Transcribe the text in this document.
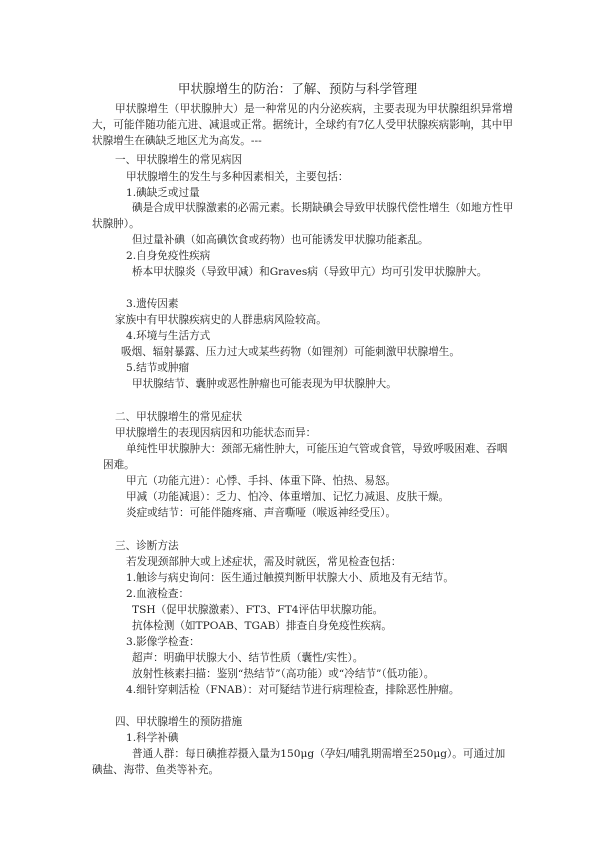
甲状腺增生的防治：了解、预防与科学管理

甲状腺增生（甲状腺肿大）是一种常见的内分泌疾病，主要表现为甲状腺组织异常增大，可能伴随功能亢进、减退或正常。据统计，全球约有7亿人受甲状腺疾病影响，其中甲状腺增生在碘缺乏地区尤为高发。---

一、甲状腺增生的常见病因
甲状腺增生的发生与多种因素相关，主要包括：
1.碘缺乏或过量
碘是合成甲状腺激素的必需元素。长期缺碘会导致甲状腺代偿性增生（如地方性甲状腺肿）。
但过量补碘（如高碘饮食或药物）也可能诱发甲状腺功能紊乱。
2.自身免疫性疾病
桥本甲状腺炎（导致甲减）和Graves病（导致甲亢）均可引发甲状腺肿大。
3.遗传因素
家族中有甲状腺疾病史的人群患病风险较高。
4.环境与生活方式
吸烟、辐射暴露、压力过大或某些药物（如锂剂）可能刺激甲状腺增生。
5.结节或肿瘤
甲状腺结节、囊肿或恶性肿瘤也可能表现为甲状腺肿大。
二、甲状腺增生的常见症状
甲状腺增生的表现因病因和功能状态而异：
单纯性甲状腺肿大：颈部无痛性肿大，可能压迫气管或食管，导致呼吸困难、吞咽困难。
甲亢（功能亢进）：心悸、手抖、体重下降、怕热、易怒。
甲减（功能减退）：乏力、怕冷、体重增加、记忆力减退、皮肤干燥。
炎症或结节：可能伴随疼痛、声音嘶哑（喉返神经受压）。
三、诊断方法
若发现颈部肿大或上述症状，需及时就医，常见检查包括：
1.触诊与病史询问：医生通过触摸判断甲状腺大小、质地及有无结节。
2.血液检查：
TSH（促甲状腺激素）、FT3、FT4评估甲状腺功能。
抗体检测（如TPOAB、TGAB）排查自身免疫性疾病。
3.影像学检查：
超声：明确甲状腺大小、结节性质（囊性/实性）。
放射性核素扫描：鉴别“热结节”（高功能）或“冷结节”（低功能）。
4.细针穿刺活检（FNAB）：对可疑结节进行病理检查，排除恶性肿瘤。
四、甲状腺增生的预防措施
1.科学补碘
普通人群：每日碘推荐摄入量为150μg（孕妇/哺乳期需增至250μg）。可通过加碘盐、海带、鱼类等补充。
